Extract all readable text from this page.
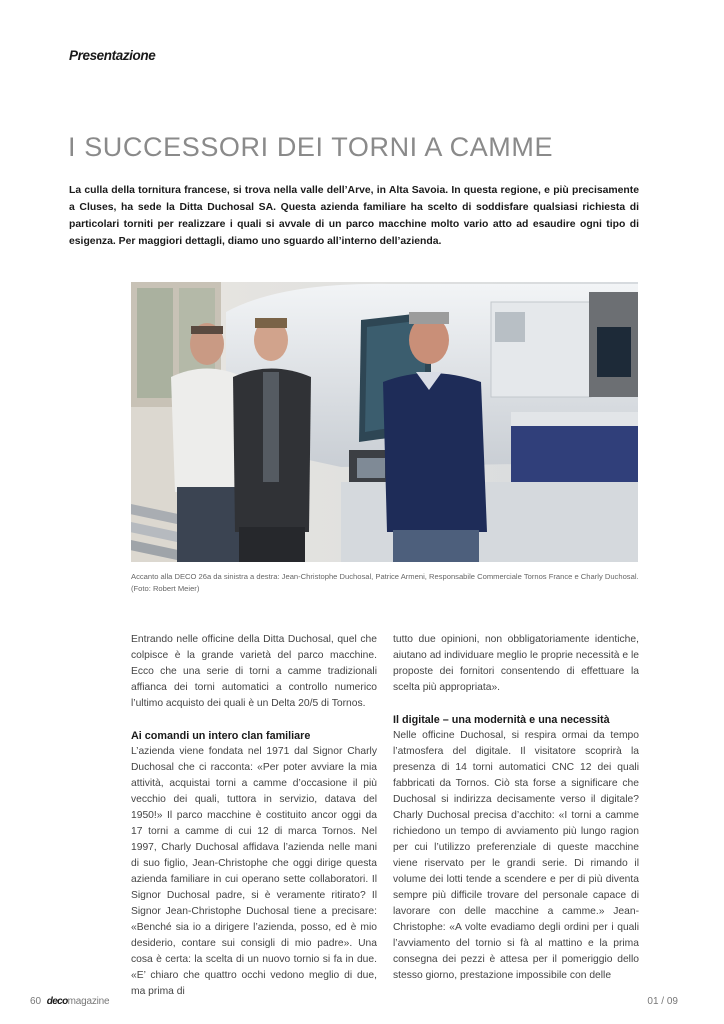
Presentazione
I SUCCESSORI DEI TORNI A CAMME

La culla della tornitura francese, si trova nella valle dell’Arve, in Alta Savoia. In questa regione, e più precisamente a Cluses, ha sede la Ditta Duchosal SA. Questa azienda familiare ha scelto di soddisfare qualsiasi richiesta di particolari torniti per realizzare i quali si avvale di un parco macchine molto vario atto ad esaudire ogni tipo di esigenza. Per maggiori dettagli, diamo uno sguardo all’interno dell’azienda.

Accanto alla DECO 26a da sinistra a destra: Jean-Christophe Duchosal, Patrice Armeni, Responsabile Commerciale Tornos France e Charly Duchosal.
(Foto: Robert Meier)

Entrando nelle officine della Ditta Duchosal, quel che colpisce è la grande varietà del parco macchine. Ecco che una serie di torni a camme tradizionali affianca dei torni automatici a controllo numerico l’ultimo acquisto dei quali è un Delta 20/5 di Tornos.

Ai comandi un intero clan familiare

L’azienda viene fondata nel 1971 dal Signor Charly Duchosal che ci racconta: «Per poter avviare la mia attività, acquistai torni a camme d’occasione il più vecchio dei quali, tuttora in servizio, datava del 1950!» Il parco macchine è costituito ancor oggi da 17 torni a camme di cui 12 di marca Tornos. Nel 1997, Charly Duchosal affidava l’azienda nelle mani di suo figlio, Jean-Christophe che oggi dirige questa azienda familiare in cui operano sette collaboratori. Il Signor Duchosal padre, si è veramente ritirato? Il Signor Jean-Christophe Duchosal tiene a precisare: «Benché sia io a dirigere l’azienda, posso, ed è mio desiderio, contare sui consigli di mio padre». Una cosa è certa: la scelta di un nuovo tornio si fa in due. «E’ chiaro che quattro occhi vedono meglio di due, ma prima di

tutto due opinioni, non obbligatoriamente identiche, aiutano ad individuare meglio le proprie necessità e le proposte dei fornitori consentendo di effettuare la scelta più appropriata».

Il digitale – una modernità e una necessità

Nelle officine Duchosal, si respira ormai da tempo l’atmosfera del digitale. Il visitatore scoprirà la presenza di 14 torni automatici CNC 12 dei quali fabbricati da Tornos. Ciò sta forse a significare che Duchosal si indirizza decisamente verso il digitale? Charly Duchosal precisa d’acchito: «I torni a camme richiedono un tempo di avviamento più lungo ragion per cui l’utilizzo preferenziale di queste macchine viene riservato per le grandi serie. Di rimando il volume dei lotti tende a scendere e per di più diventa sempre più difficile trovare del personale capace di lavorare con delle macchine a camme.» Jean-Christophe: «A volte evadiamo degli ordini per i quali l’avviamento del tornio si fà al mattino e la prima consegna dei pezzi è attesa per il pomeriggio dello stesso giorno, prestazione impossibile con delle

60 decomagazine	01 / 09
